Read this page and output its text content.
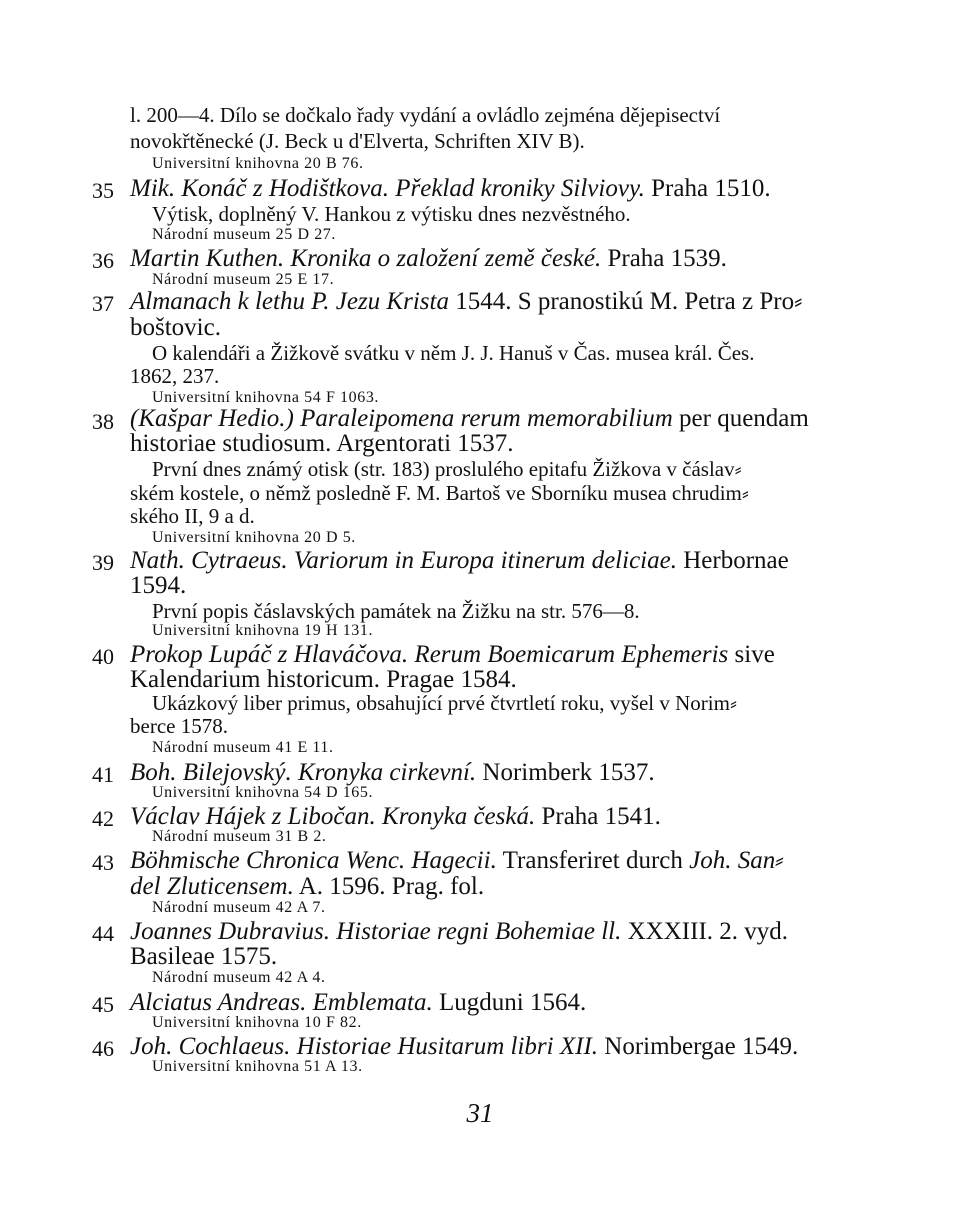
l. 200—4. Dílo se dočkalo řady vydání a ovládlo zejména dějepisectví
novokřtěnecké (J. Beck u d'Elverta, Schriften XIV B).
Universitní knihovna 20 B 76.
35 Mik. Konáč z Hodištkova. Překlad kroniky Silviovy. Praha 1510.
Výtisk, doplněný V. Hankou z výtisku dnes nezvěstného.
Národní museum 25 D 27.
36 Martin Kuthen. Kronika o založení země české. Praha 1539.
Národní museum 25 E 17.
37 Almanach k lethu P. Jezu Krista 1544. S pranostikú M. Petra z Pro⸗
boštovic.
O kalendáři a Žižkově svátku v něm J. J. Hanuš v Čas. musea král. Čes.
1862, 237.
Universitní knihovna 54 F 1063.
38 (Kašpar Hedio.) Paraleipomena rerum memorabilium per quendam
historiae studiosum. Argentorati 1537.
První dnes známý otisk (str. 183) proslulého epitafu Žižkova v čáslav⸗
ském kostele, o němž posledně F. M. Bartoš ve Sborníku musea chrudim⸗
ského II, 9 a d.
Universitní knihovna 20 D 5.
39 Nath. Cytraeus. Variorum in Europa itinerum deliciae. Herbornae
1594.
První popis čáslavských památek na Žižku na str. 576—8.
Universitní knihovna 19 H 131.
40 Prokop Lupáč z Hlaváčova. Rerum Boemicarum Ephemeris sive
Kalendarium historicum. Pragae 1584.
Ukázkový liber primus, obsahující prvé čtvrtletí roku, vyšel v Norim⸗
berce 1578.
Národní museum 41 E 11.
41 Boh. Bilejovský. Kronyka cirkevní. Norimberk 1537.
Universitní knihovna 54 D 165.
42 Václav Hájek z Libočan. Kronyka česká. Praha 1541.
Národní museum 31 B 2.
43 Böhmische Chronica Wenc. Hagecii. Transferiret durch Joh. San⸗
del Zluticensem. A. 1596. Prag. fol.
Národní museum 42 A 7.
44 Joannes Dubravius. Historiae regni Bohemiae ll. XXXIII. 2. vyd.
Basileae 1575.
Národní museum 42 A 4.
45 Alciatus Andreas. Emblemata. Lugduni 1564.
Universitní knihovna 10 F 82.
46 Joh. Cochlaeus. Historiae Husitarum libri XII. Norimbergae 1549.
Universitní knihovna 51 A 13.
31
